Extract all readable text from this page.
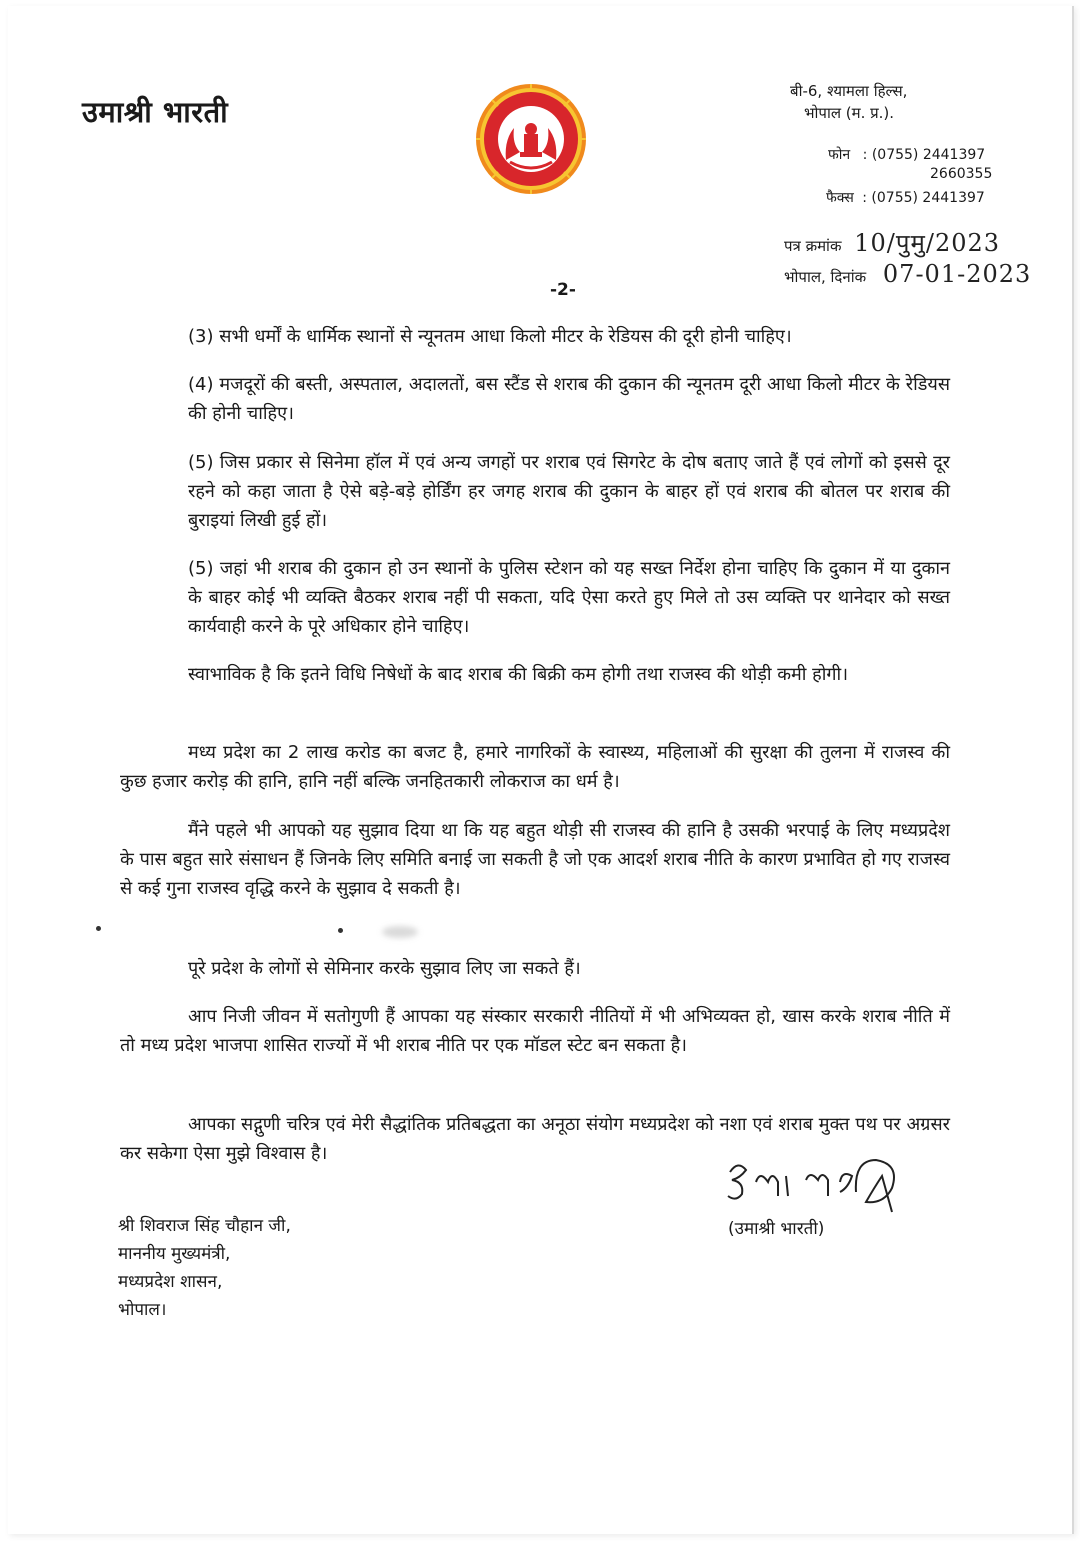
उमाश्री भारती
बी-6, श्यामला हिल्स,
भोपाल (म. प्र.).
फोन : (0755) 2441397
2660355
फैक्स : (0755) 2441397
पत्र क्रमांक 10/पुमु/2023
भोपाल, दिनांक 07-01-2023
-2-
(3) सभी धर्मों के धार्मिक स्थानों से न्यूनतम आधा किलो मीटर के रेडियस की दूरी होनी चाहिए।
(4) मजदूरों की बस्ती, अस्पताल, अदालतों, बस स्टैंड से शराब की दुकान की न्यूनतम दूरी आधा किलो मीटर के रेडियस की होनी चाहिए।
(5) जिस प्रकार से सिनेमा हॉल में एवं अन्य जगहों पर शराब एवं सिगरेट के दोष बताए जाते हैं एवं लोगों को इससे दूर रहने को कहा जाता है ऐसे बड़े-बड़े होर्डिंग हर जगह शराब की दुकान के बाहर हों एवं शराब की बोतल पर शराब की बुराइयां लिखी हुई हों।
(5) जहां भी शराब की दुकान हो उन स्थानों के पुलिस स्टेशन को यह सख्त निर्देश होना चाहिए कि दुकान में या दुकान के बाहर कोई भी व्यक्ति बैठकर शराब नहीं पी सकता, यदि ऐसा करते हुए मिले तो उस व्यक्ति पर थानेदार को सख्त कार्यवाही करने के पूरे अधिकार होने चाहिए।
स्वाभाविक है कि इतने विधि निषेधों के बाद शराब की बिक्री कम होगी तथा राजस्व की थोड़ी कमी होगी।
मध्य प्रदेश का 2 लाख करोड का बजट है, हमारे नागरिकों के स्वास्थ्य, महिलाओं की सुरक्षा की तुलना में राजस्व की कुछ हजार करोड़ की हानि, हानि नहीं बल्कि जनहितकारी लोकराज का धर्म है।
मैंने पहले भी आपको यह सुझाव दिया था कि यह बहुत थोड़ी सी राजस्व की हानि है उसकी भरपाई के लिए मध्यप्रदेश के पास बहुत सारे संसाधन हैं जिनके लिए समिति बनाई जा सकती है जो एक आदर्श शराब नीति के कारण प्रभावित हो गए राजस्व से कई गुना राजस्व वृद्धि करने के सुझाव दे सकती है।
पूरे प्रदेश के लोगों से सेमिनार करके सुझाव लिए जा सकते हैं।
आप निजी जीवन में सतोगुणी हैं आपका यह संस्कार सरकारी नीतियों में भी अभिव्यक्त हो, खास करके शराब नीति में तो मध्य प्रदेश भाजपा शासित राज्यों में भी शराब नीति पर एक मॉडल स्टेट बन सकता है।
आपका सद्गुणी चरित्र एवं मेरी सैद्धांतिक प्रतिबद्धता का अनूठा संयोग मध्यप्रदेश को नशा एवं शराब मुक्त पथ पर अग्रसर कर सकेगा ऐसा मुझे विश्वास है।
(उमाश्री भारती)
श्री शिवराज सिंह चौहान जी,
माननीय मुख्यमंत्री,
मध्यप्रदेश शासन,
भोपाल।
